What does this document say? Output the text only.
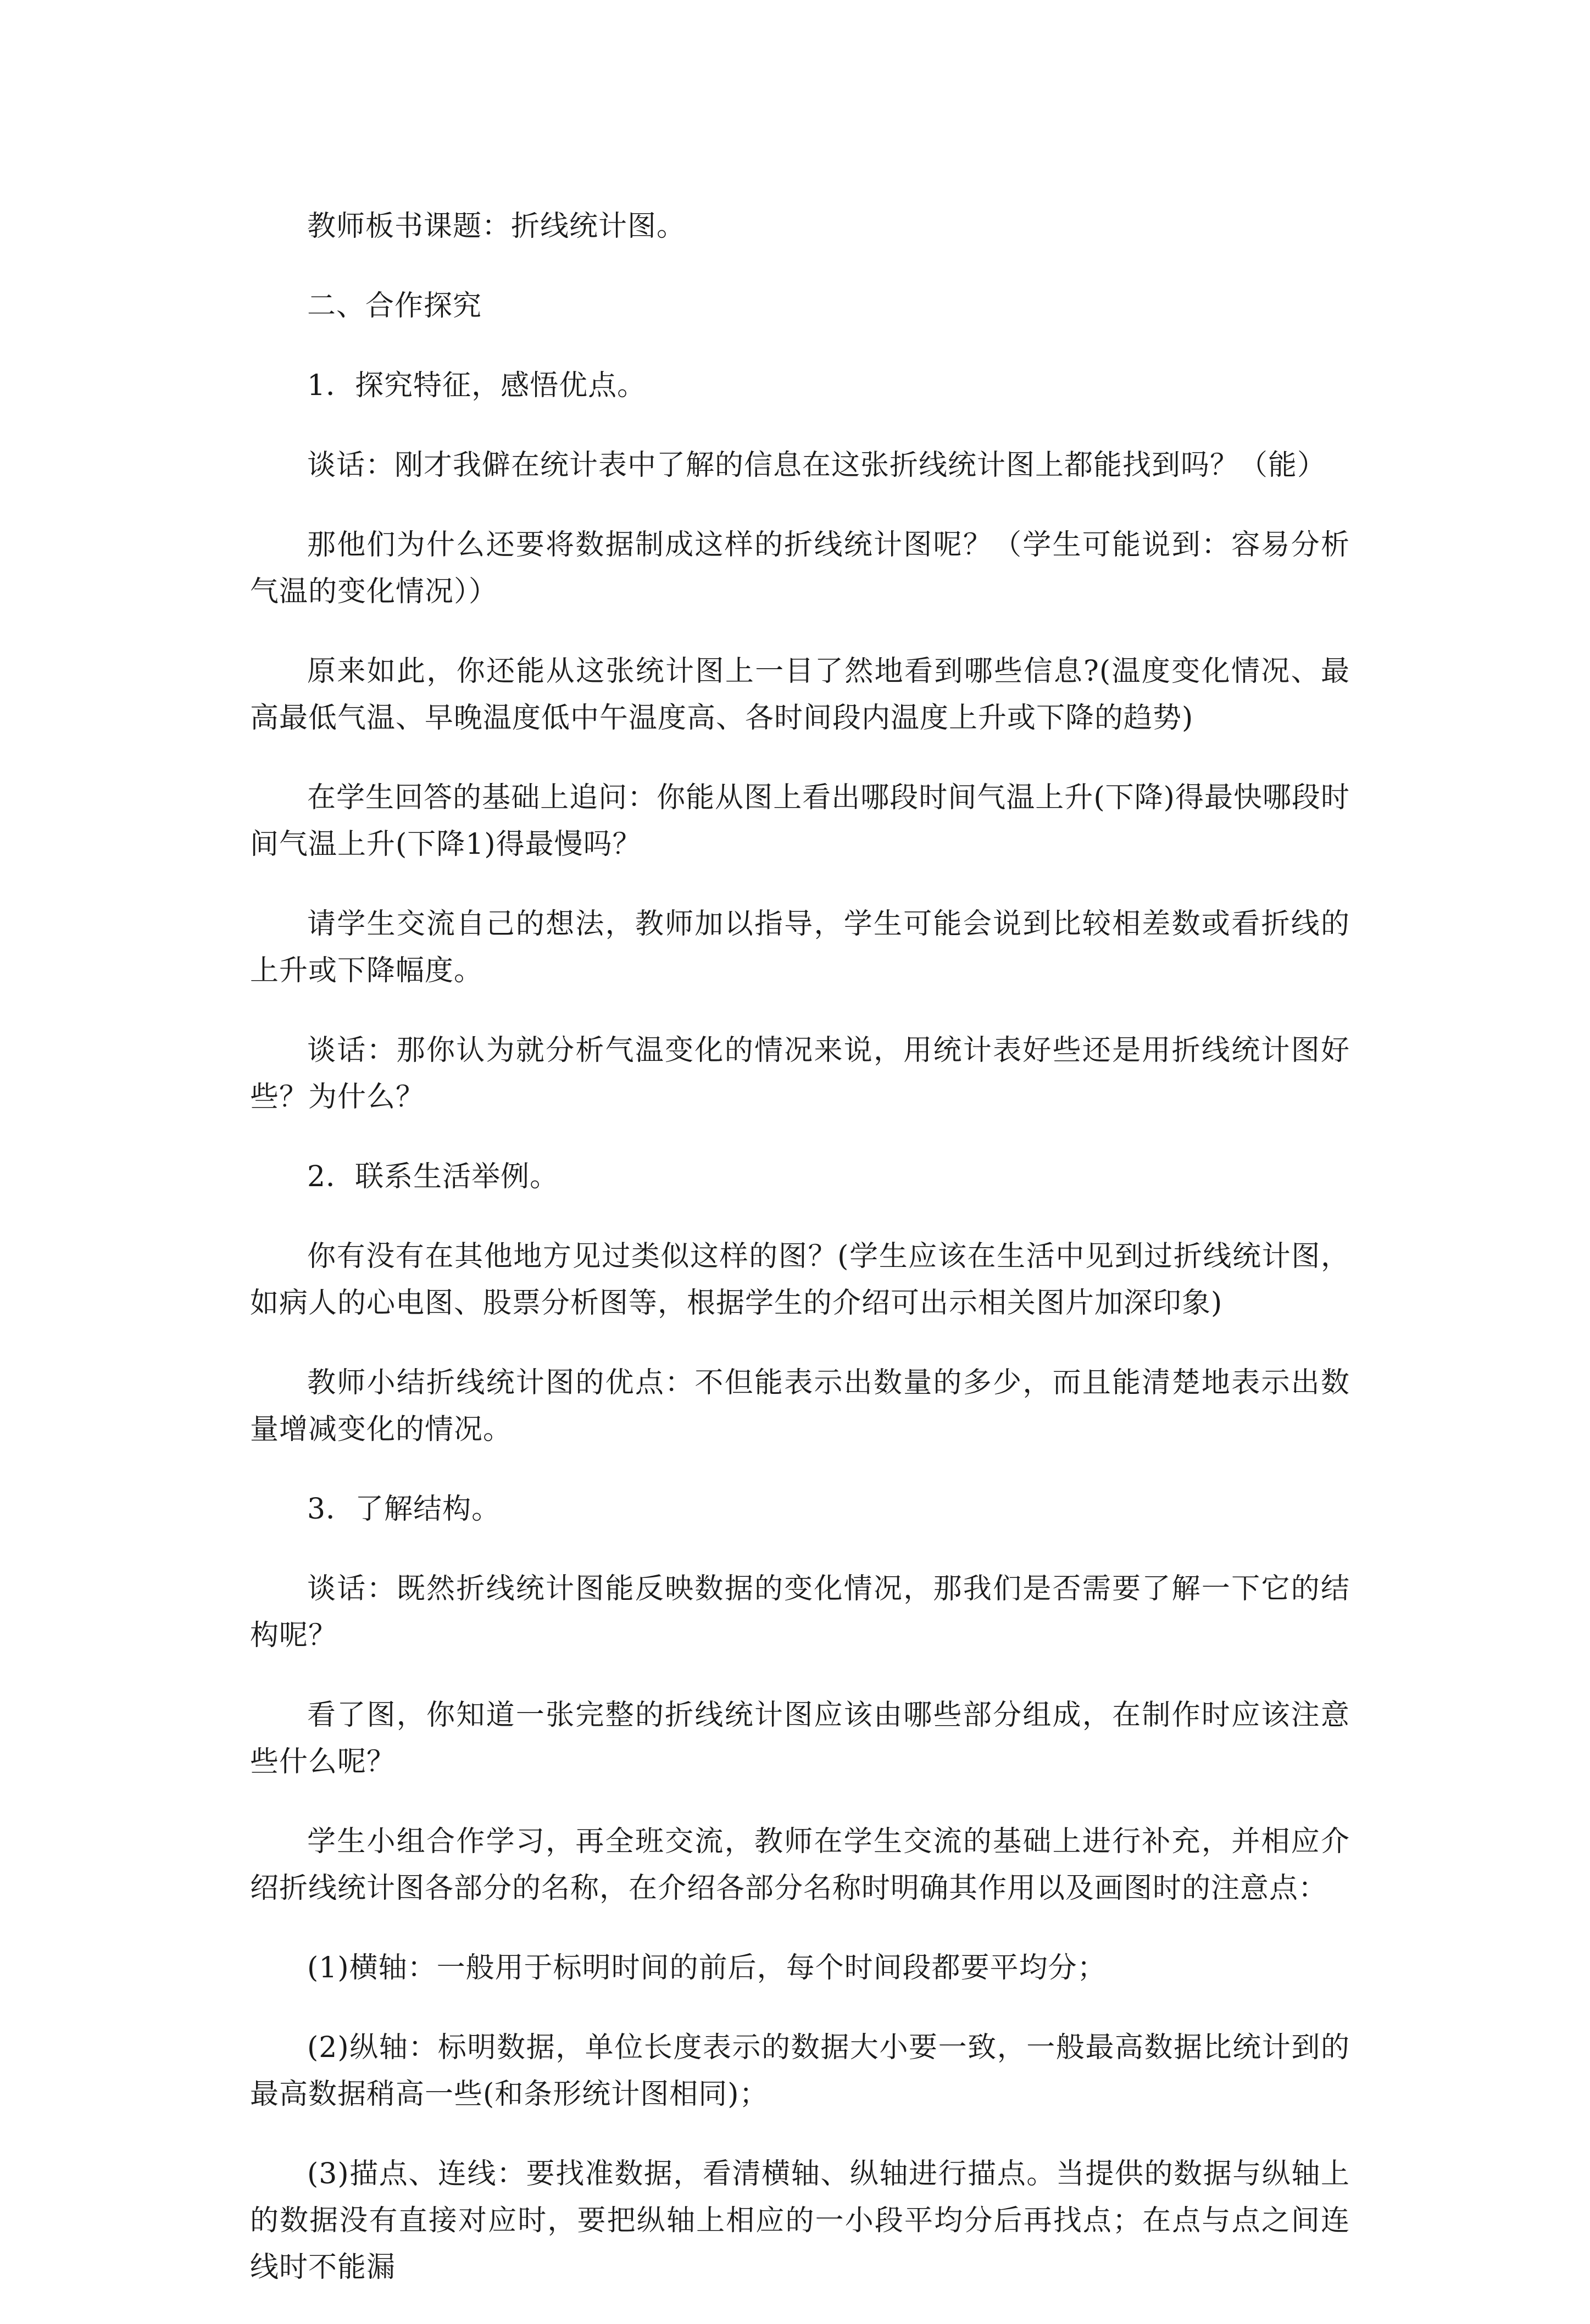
教师板书课题：折线统计图。

二、合作探究

1．探究特征，感悟优点。

谈话：刚才我僻在统计表中了解的信息在这张折线统计图上都能找到吗？（能）

那他们为什么还要将数据制成这样的折线统计图呢？（学生可能说到：容易分析气温的变化情况））

原来如此，你还能从这张统计图上一目了然地看到哪些信息?(温度变化情况、最高最低气温、早晚温度低中午温度高、各时间段内温度上升或下降的趋势)

在学生回答的基础上追问：你能从图上看出哪段时间气温上升(下降)得最快哪段时间气温上升(下降1)得最慢吗？

请学生交流自己的想法，教师加以指导，学生可能会说到比较相差数或看折线的上升或下降幅度。

谈话：那你认为就分析气温变化的情况来说，用统计表好些还是用折线统计图好些？为什么？

2．联系生活举例。

你有没有在其他地方见过类似这样的图？(学生应该在生活中见到过折线统计图，如病人的心电图、股票分析图等，根据学生的介绍可出示相关图片加深印象)

教师小结折线统计图的优点：不但能表示出数量的多少，而且能清楚地表示出数量增减变化的情况。

3．了解结构。

谈话：既然折线统计图能反映数据的变化情况，那我们是否需要了解一下它的结构呢？

看了图，你知道一张完整的折线统计图应该由哪些部分组成，在制作时应该注意些什么呢？

学生小组合作学习，再全班交流，教师在学生交流的基础上进行补充，并相应介绍折线统计图各部分的名称，在介绍各部分名称时明确其作用以及画图时的注意点：

(1)横轴：一般用于标明时间的前后，每个时间段都要平均分；

(2)纵轴：标明数据，单位长度表示的数据大小要一致，一般最高数据比统计到的最高数据稍高一些(和条形统计图相同)；

(3)描点、连线：要找准数据，看清横轴、纵轴进行描点。当提供的数据与纵轴上的数据没有直接对应时，要把纵轴上相应的一小段平均分后再找点；在点与点之间连线时不能漏
